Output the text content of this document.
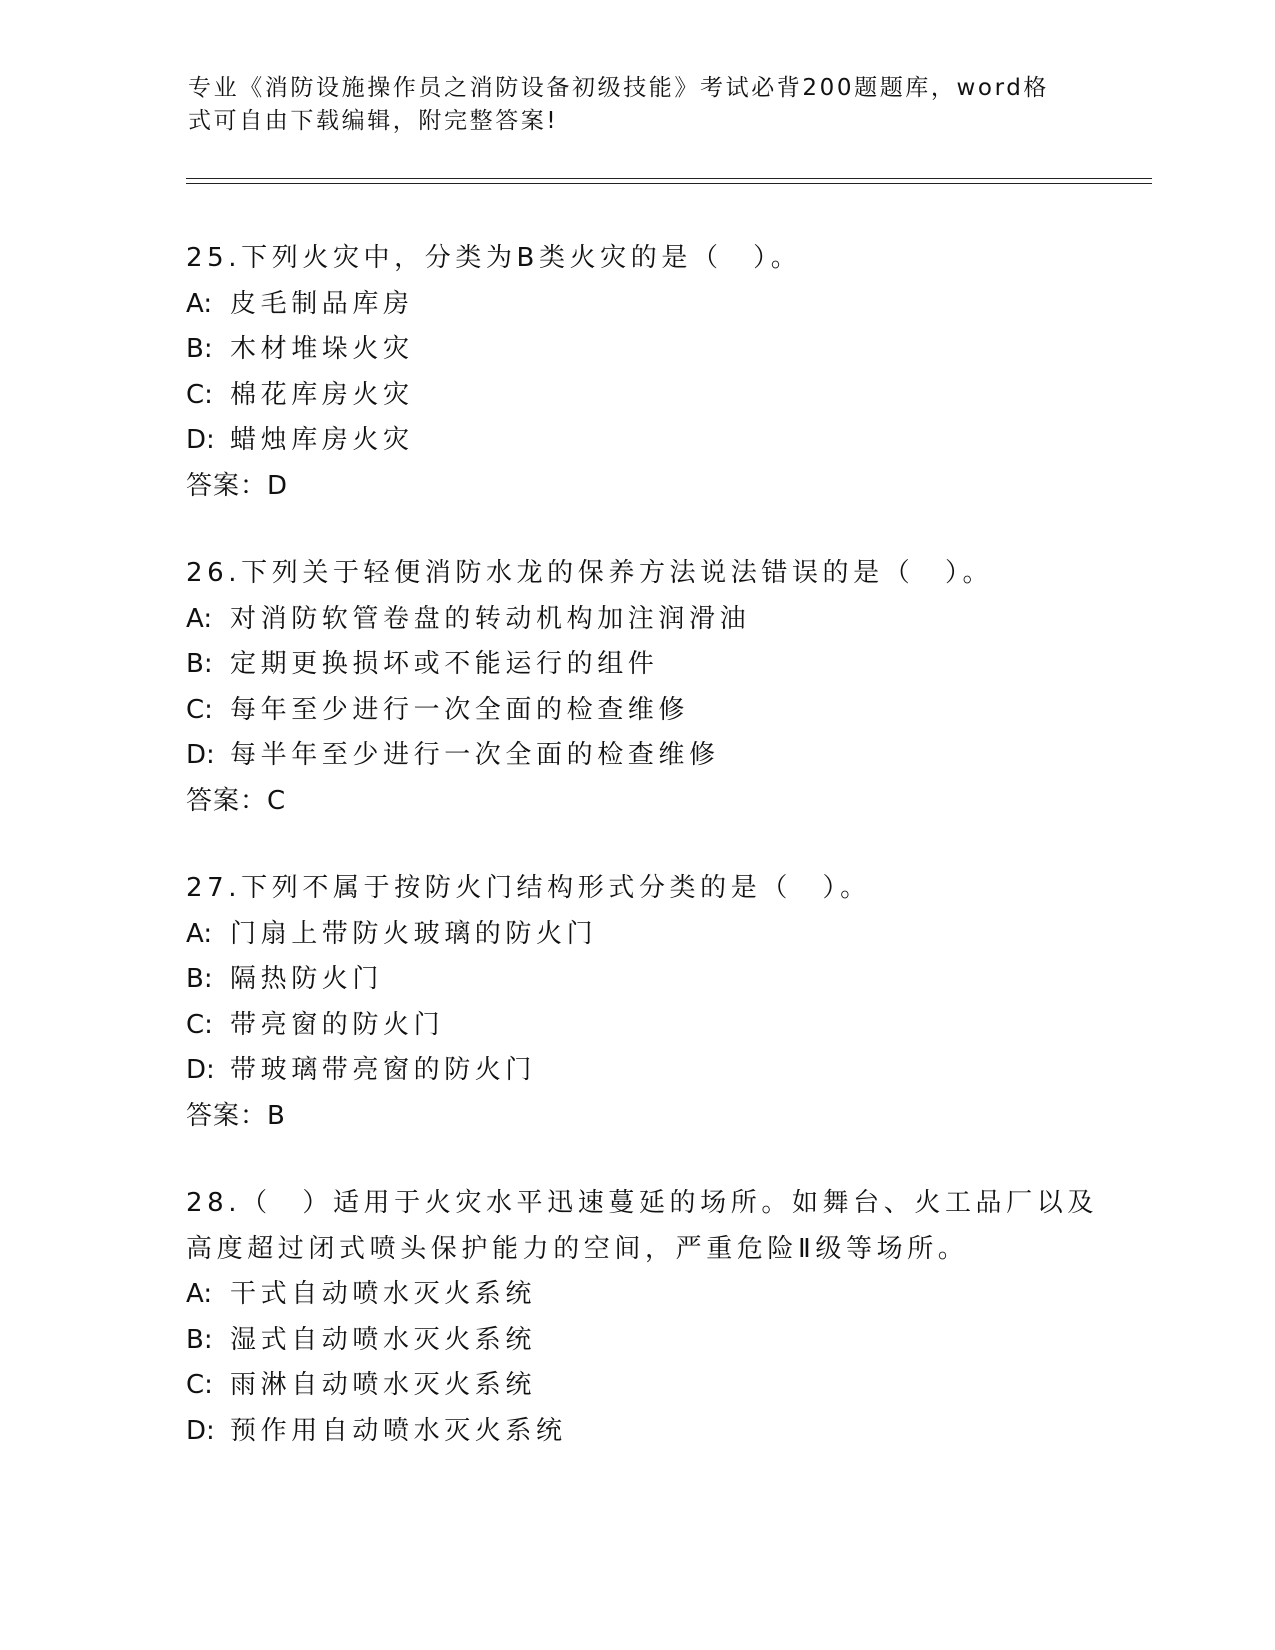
专业《消防设施操作员之消防设备初级技能》考试必背200题题库，word格式可自由下载编辑，附完整答案!

25.下列火灾中，分类为B类火灾的是（　）。

A: 皮毛制品库房

B: 木材堆垛火灾

C: 棉花库房火灾

D: 蜡烛库房火灾

答案：D

26.下列关于轻便消防水龙的保养方法说法错误的是（　）。

A: 对消防软管卷盘的转动机构加注润滑油

B: 定期更换损坏或不能运行的组件

C: 每年至少进行一次全面的检查维修

D: 每半年至少进行一次全面的检查维修

答案：C

27.下列不属于按防火门结构形式分类的是（　）。

A: 门扇上带防火玻璃的防火门

B: 隔热防火门

C: 带亮窗的防火门

D: 带玻璃带亮窗的防火门

答案：B

28.（　）适用于火灾水平迅速蔓延的场所。如舞台、火工品厂以及高度超过闭式喷头保护能力的空间，严重危险Ⅱ级等场所。

A: 干式自动喷水灭火系统

B: 湿式自动喷水灭火系统

C: 雨淋自动喷水灭火系统

D: 预作用自动喷水灭火系统
